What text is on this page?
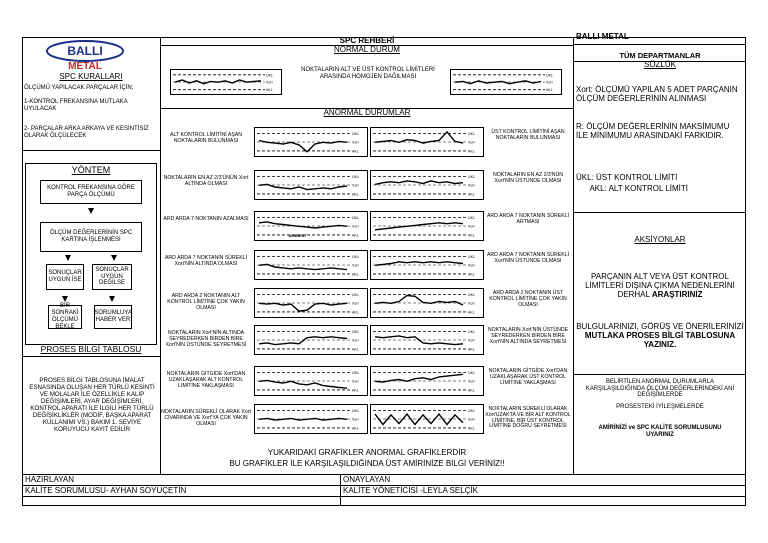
HAZIRLAYAN
KALİTE SORUMLUSU- AYHAN SOYUÇETİN
ONAYLAYAN
KALİTE YÖNETİCİSİ -LEYLA SELÇİK
BALLI
METAL
SPC KURALLARI
ÖLÇÜMÜ YAPILACAK PARÇALAR İÇİN;
1-KONTROL FREKANSINA MUTLAKA UYULACAK
2- PARÇALAR ARKA ARKAYA VE KESİNTİSİZ OLARAK ÖLÇÜLECEK
YÖNTEM
KONTROL FREKANSINA GÖRE PARÇA ÖLÇÜMÜ
ÖLÇÜM DEĞERLERİNİN SPC KARTINA İŞLENMESİ
SONUÇLAR UYGUN İSE
SONUÇLAR UYGUN DEĞİLSE
BİR SONRAKİ ÖLÇÜMÜ BEKLE
SORUMLUYA HABER VER
PROSES BİLGİ TABLOSU
PROSES BİLGİ TABLOSUNA İMALAT ESNASINDA OLUŞAN HER TÜRLÜ KESİNTİ VE MOLALAR İLE ÖZELLİKLE KALIP DEĞİŞİMLERİ, AYAR DEĞİŞİMLERİ, KONTROL APARATI İLE İLGİLİ HER TÜRLÜ DEĞİŞİKLİKLER (MODİF, BAŞKA APARAT KULLANIMI VS.) BAKIM 1. SEVİYE KORUYUCU KAYIT EDİLİR
SPC REHBERİ
NORMAL DURUM
ÜKL
Xort
AKL
NOKTALARIN ALT VE ÜST KONTROL LİMİTLERİ ARASINDA HOMOJEN DAĞILMASI	ÜKL
Xort
AKL
ANORMAL DURUMLAR
ALT KONTROL LİMİTİNİ AŞAN NOKTALARIN BULUNMASI
ÜKL
Xort
AKL
ÜKL
Xort
AKL
ÜST KONTROL LİMİTİNİ AŞAN NOKTALARIN BULUNMASI
NOKTALARIN EN AZ 2/3'ÜNÜN Xort ALTINDA OLMASI
ÜKL
Xort
AKL
ÜKL
Xort
AKL
NOKTALARIN EN AZ 2/3'NÜN Xort'NİN ÜSTÜNDE OLMASI
ARD ARDA 7 NOKTANIN AZALMASI	ÜKL
Xort
AKL
AMBIENT
ÜKL
Xort
AKL
ARD ARDA 7 NOKTANIN SÜREKLİ ARTMASI
ARD ARDA 7 NOKTANIN SÜREKLİ Xort'NİN ALTINDA OLMASI
ÜKL
Xort
AKL
ÜKL
Xort
AKL
ARD ARDA 7 NOKTANIN SÜREKLİ Xort'NİN ÜSTÜNDE OLMASI
ARD ARDA 2 NOKTANIN ALT KONTROL LİMİTİNE ÇOK YAKIN OLMASI
ÜKL
Xort
AKL
ÜKL
Xort
AKL
ARD ARDA 2 NOKTANIN ÜST KONTROL LİMİTİNE ÇOK YAKIN OLMASI
NOKTALARIN Xort'NİN ALTINDA SEYREDERKEN BİRDEN BİRE Xort'NİN ÜSTÜNDE SEYRETMESİ
ÜKL
Xort
AKL
ÜKL
Xort
AKL
NOKTALARIN Xort'NİN ÜSTÜNDE SEYREDERKEN BİRDEN BİRE Xort'NİN ALTINDA SEYRETMESİ
NOKTALARIN GİTGİDE Xort'DAN UZAKLAŞARAK ALT KONTROL LİMİTİNE YAKLAŞMASI
ÜKL
Xort
AKL
ÜKL
Xort
AKL
NOKTALARIN GİTGİDE Xort'DAN UZAKLAŞARAK ÜST KONTROL LİMİTİNE YAKLAŞMASI
NOKTALARIN SÜREKLİ OLARAK Xort CİVARINDA VE Xort'YA ÇOK YAKIN OLMASI
ÜKL
Xort
AKL
ÜKL
Xort
AKL
NOKTALARIN SÜREKLİ OLARAK Xort'UZAKTA VE BİR ALT KONTROL LİMİTİNE, BİR ÜST KONTROL LİMİTİNE DOĞRU SEYRETMESİ
YUKARIDAKİ GRAFİKLER ANORMAL GRAFİKLERDİR
BU GRAFİKLER İLE KARŞILAŞILDIĞINDA ÜST AMİRİNİZE BİLGİ VERİNİZ!!
BALLI METAL
TÜM DEPARTMANLAR
SÖZLÜK
Xort: ÖLÇÜMÜ YAPILAN 5 ADET PARÇANIN ÖLÇÜM DEĞERLERİNİN ALINMASI
R: ÖLÇÜM DEĞERLERİNİN MAKSİMUMU İLE MİNİMUMU ARASINDAKİ FARKIDIR.
ÜKL: ÜST KONTROL LİMİTİ
AKL: ALT KONTROL LİMİTİ
AKSİYONLAR
PARÇANIN ALT VEYA ÜST KONTROL LİMİTLERİ DIŞINA ÇIKMA NEDENLERİNİ DERHAL ARAŞTIRINIZ
BULGULARINIZI, GÖRÜŞ VE ÖNERİLERİNİZİ MUTLAKA PROSES BİLGİ TABLOSUNA YAZINIZ.
BELİRTİLEN ANORMAL DURUMLARLA KARŞILAŞILDIĞINDA ÖLÇÜM DEĞERLERİNDEKİ ANİ DEĞİŞİMLERDE
PROSESTEKİ İYİLEŞMELERDE
AMİRİNİZİ ve SPC KALİTE SORUMLUSUNU UYARINIZ
